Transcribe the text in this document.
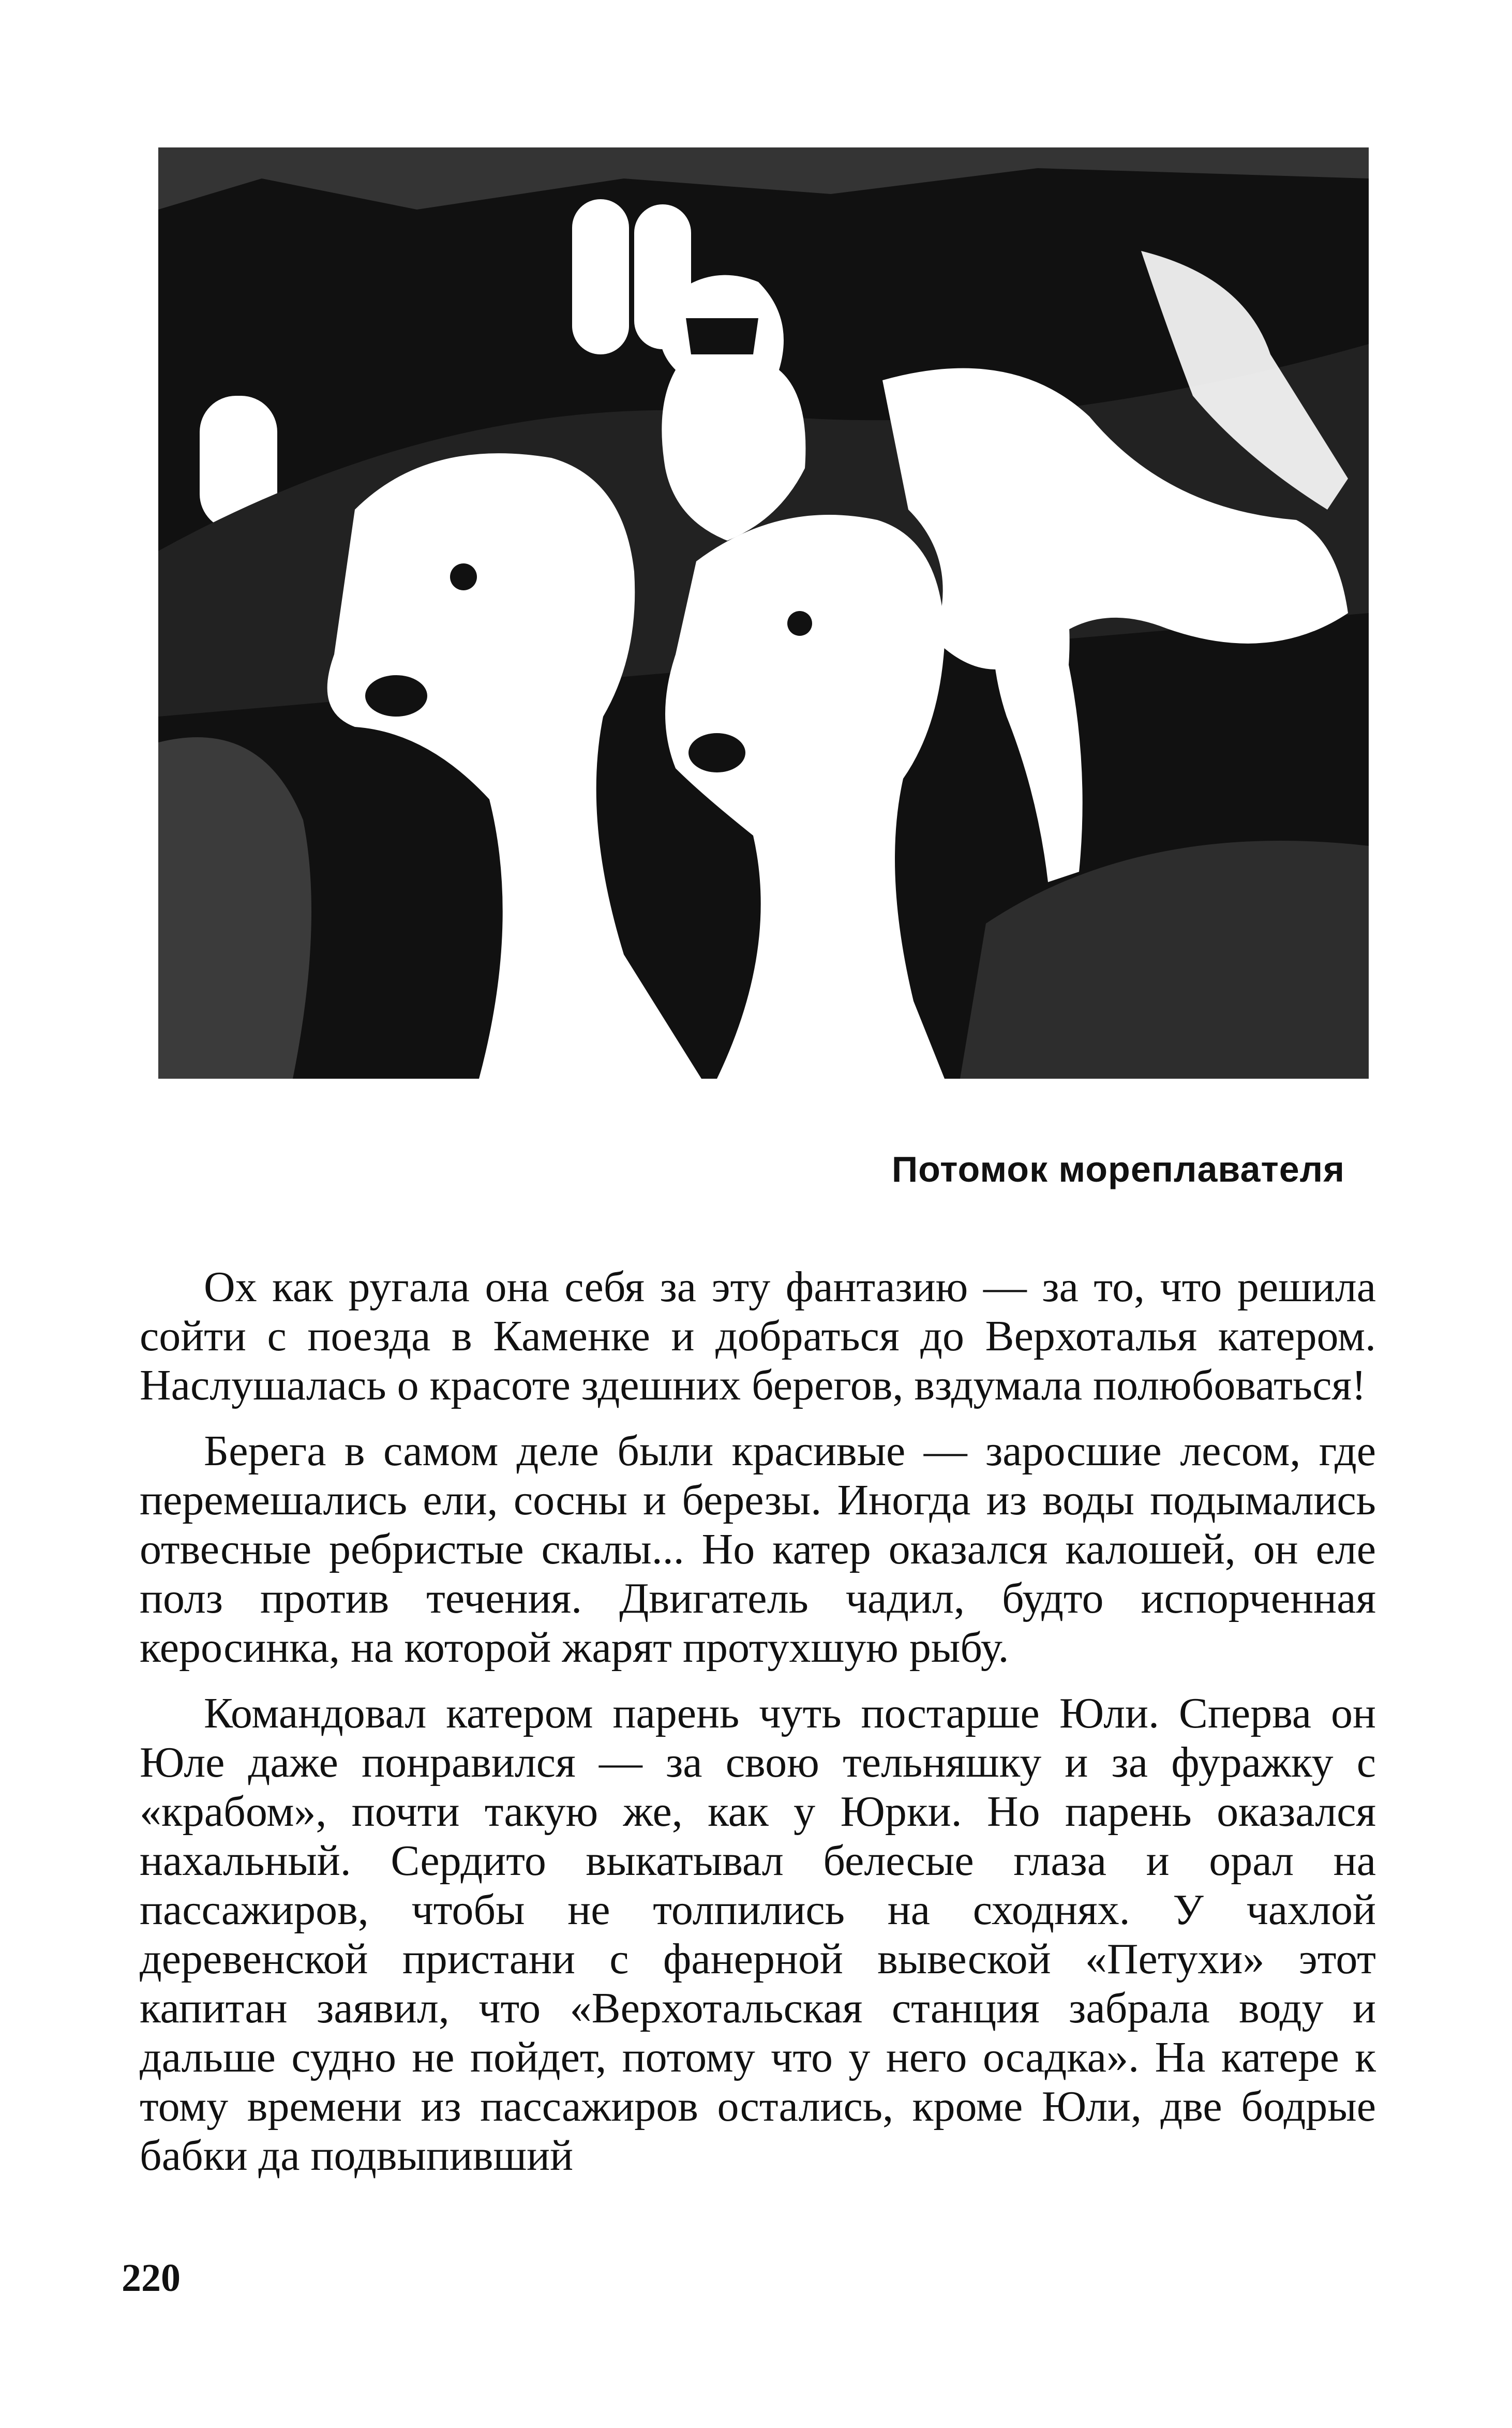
Потомок мореплавателя

Ох как ругала она себя за эту фантазию — за то, что решила сойти с поезда в Каменке и добраться до Верхоталья катером. Наслушалась о красоте здешних берегов, вздумала полюбоваться!

Берега в самом деле были красивые — заросшие лесом, где перемешались ели, сосны и березы. Иногда из воды подымались отвесные ребристые скалы... Но катер оказался калошей, он еле полз против течения. Двигатель чадил, будто испорченная керосинка, на которой жарят протухшую рыбу.

Командовал катером парень чуть постарше Юли. Сперва он Юле даже понравился — за свою тельняшку и за фуражку с «крабом», почти такую же, как у Юрки. Но парень оказался нахальный. Сердито выкатывал белесые глаза и орал на пассажиров, чтобы не толпились на сходнях. У чахлой деревенской пристани с фанерной вывеской «Петухи» этот капитан заявил, что «Верхотальская станция забрала воду и дальше судно не пойдет, потому что у него осадка». На катере к тому времени из пассажиров остались, кроме Юли, две бодрые бабки да подвыпивший

220
